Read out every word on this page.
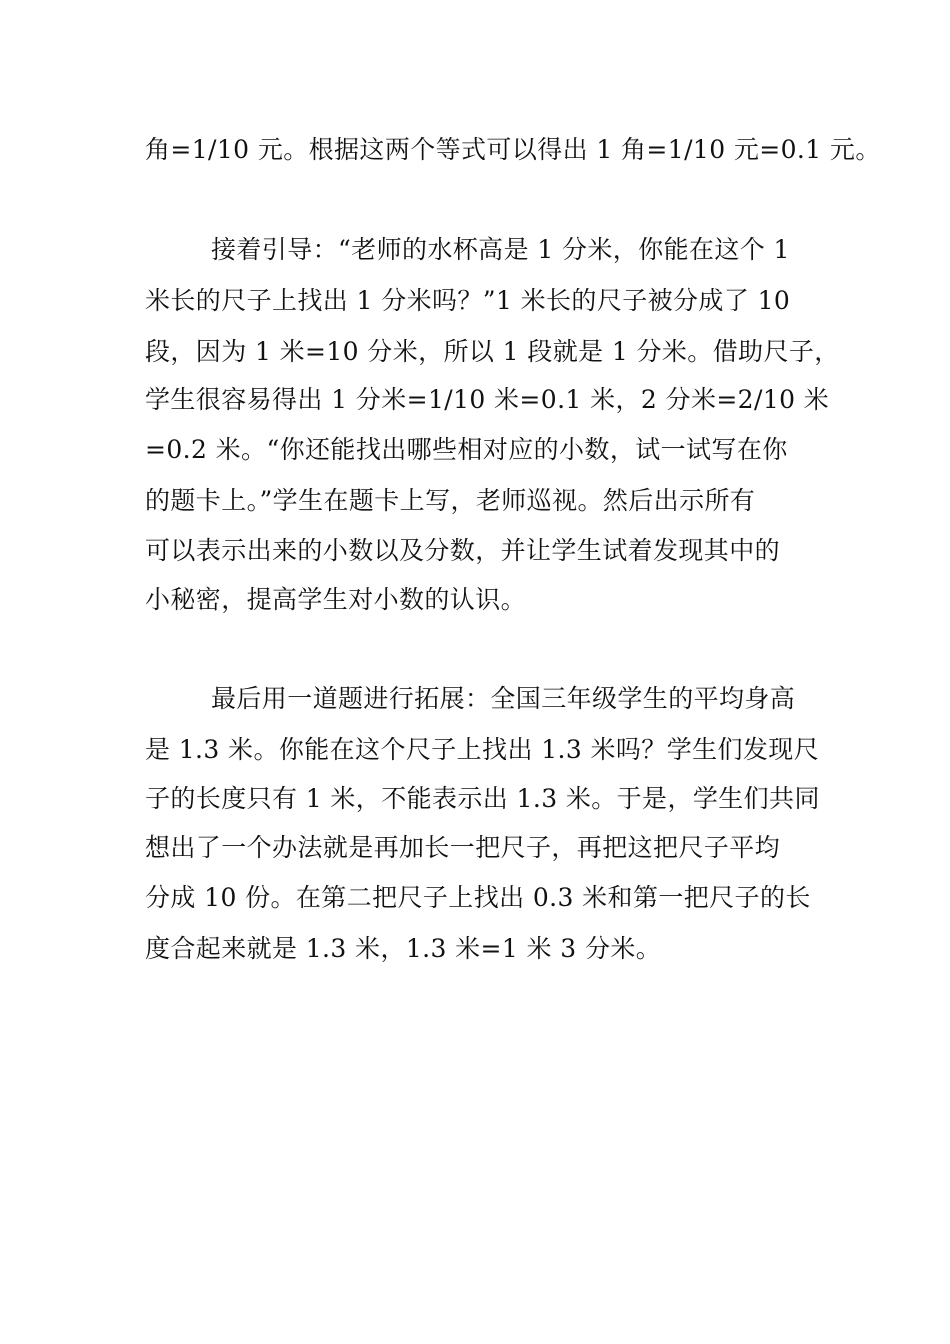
角=1/10 元。根据这两个等式可以得出 1 角=1/10 元=0.1 元。
接着引导：“老师的水杯高是 1 分米，你能在这个 1
米长的尺子上找出 1 分米吗？”1 米长的尺子被分成了 10
段，因为 1 米=10 分米，所以 1 段就是 1 分米。借助尺子，
学生很容易得出 1 分米=1/10 米=0.1 米，2 分米=2/10 米
=0.2 米。“你还能找出哪些相对应的小数，试一试写在你
的题卡上。”学生在题卡上写，老师巡视。然后出示所有
可以表示出来的小数以及分数，并让学生试着发现其中的
小秘密，提高学生对小数的认识。
最后用一道题进行拓展：全国三年级学生的平均身高
是 1.3 米。你能在这个尺子上找出 1.3 米吗？学生们发现尺
子的长度只有 1 米，不能表示出 1.3 米。于是，学生们共同
想出了一个办法就是再加长一把尺子，再把这把尺子平均
分成 10 份。在第二把尺子上找出 0.3 米和第一把尺子的长
度合起来就是 1.3 米，1.3 米=1 米 3 分米。
